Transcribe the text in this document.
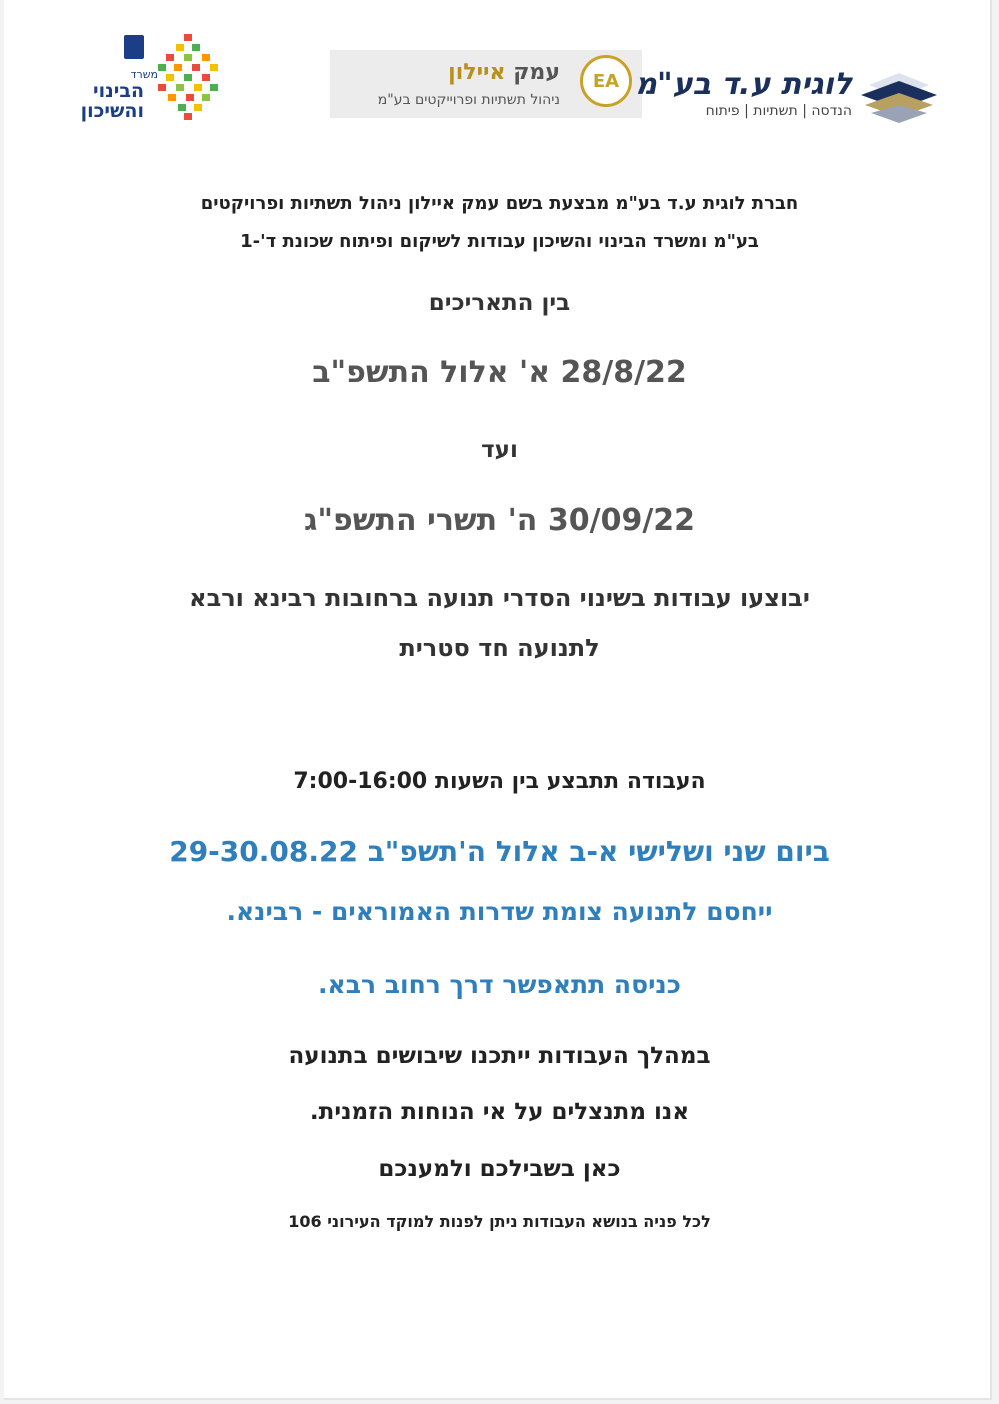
משרד
הבינוי
והשיכון
עמק איילון
ניהול תשתיות ופרוייקטים בע"מ
EA לוגית ע.ד בע"מ
הנדסה | תשתיות | פיתוח

חברת לוגית ע.ד בע"מ מבצעת בשם עמק איילון ניהול תשתיות ופרויקטים

בע"מ ומשרד הבינוי והשיכון עבודות לשיקום ופיתוח שכונת ד'-1

בין התאריכים

28/8/22 א' אלול התשפ"ב

ועד

30/09/22 ה' תשרי התשפ"ג

יבוצעו עבודות בשינוי הסדרי תנועה ברחובות רבינא ורבא

לתנועה חד סטרית

העבודה תתבצע בין השעות 7:00-16:00

ביום שני ושלישי א-ב אלול ה'תשפ"ב 29-30.08.22

ייחסם לתנועה צומת שדרות האמוראים - רבינא.

כניסה תתאפשר דרך רחוב רבא.

במהלך העבודות ייתכנו שיבושים בתנועה

אנו מתנצלים על אי הנוחות הזמנית.

כאן בשבילכם ולמענכם

לכל פניה בנושא העבודות ניתן לפנות למוקד העירוני 106
